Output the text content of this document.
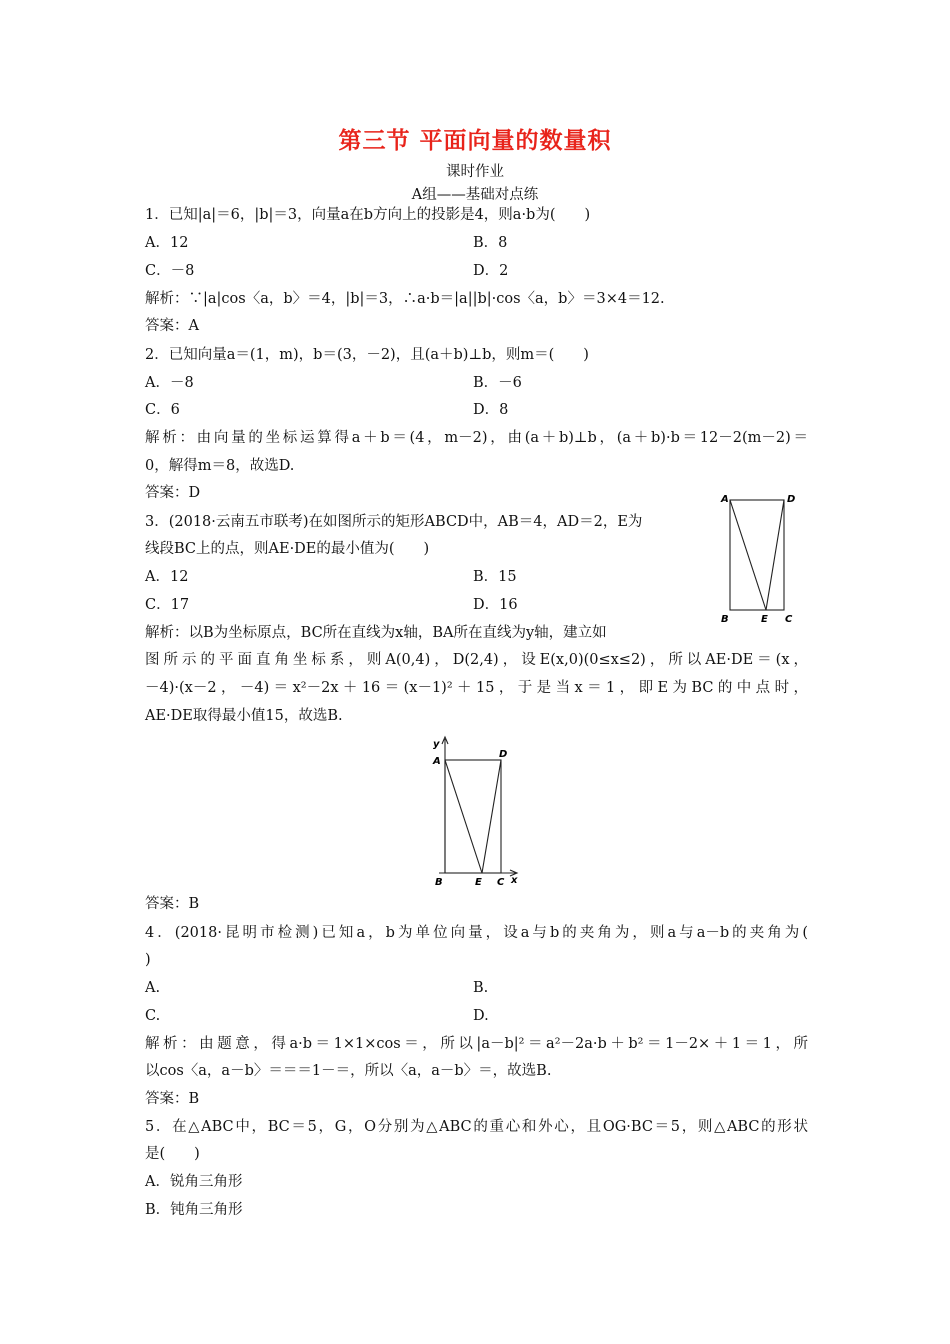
第三节 平面向量的数量积
课时作业
A组——基础对点练
1．已知|a|＝6，|b|＝3，向量a在b方向上的投影是4，则a·b为(　　)
A．12	B．8
C．－8	D．2
解析：∵|a|cos〈a，b〉＝4，|b|＝3，∴a·b＝|a||b|·cos〈a，b〉＝3×4＝12.
答案：A
2．已知向量a＝(1，m)，b＝(3，－2)，且(a＋b)⊥b，则m＝(　　)
A．－8	B．－6
C．6	D．8
解析：由向量的坐标运算得a＋b＝(4，m－2)，由(a＋b)⊥b，(a＋b)·b＝12－2(m－2)＝
0，解得m＝8，故选D.
答案：D
3．(2018·云南五市联考)在如图所示的矩形ABCD中，AB＝4，AD＝2，E为
线段BC上的点，则AE·DE的最小值为(　　)
A．12	B．15
C．17	D．16
A	D
B	E C
解析：以B为坐标原点，BC所在直线为x轴，BA所在直线为y轴，建立如
图所示的平面直角坐标系，则A(0,4)，D(2,4)，设E(x,0)(0≤x≤2)，所以AE·DE＝(x，
－4)·(x－2，－4)＝x²－2x＋16＝(x－1)²＋15，于是当x＝1，即E为BC的中点时，
AE·DE取得最小值15，故选B.
y
A
D
B	E C x
答案：B
4．(2018·昆明市检测)已知a，b为单位向量，设a与b的夹角为，则a与a－b的夹角为(
)
A.	B.
C.	D.
解析：由题意，得a·b＝1×1×cos＝，所以|a－b|²＝a²－2a·b＋b²＝1－2×＋1＝1，所
以cos〈a，a－b〉＝＝＝1－＝，所以〈a，a－b〉＝，故选B.
答案：B
5．在△ABC中，BC＝5，G，O分别为△ABC的重心和外心，且OG·BC＝5，则△ABC的形状
是(　　)
A．锐角三角形
B．钝角三角形
